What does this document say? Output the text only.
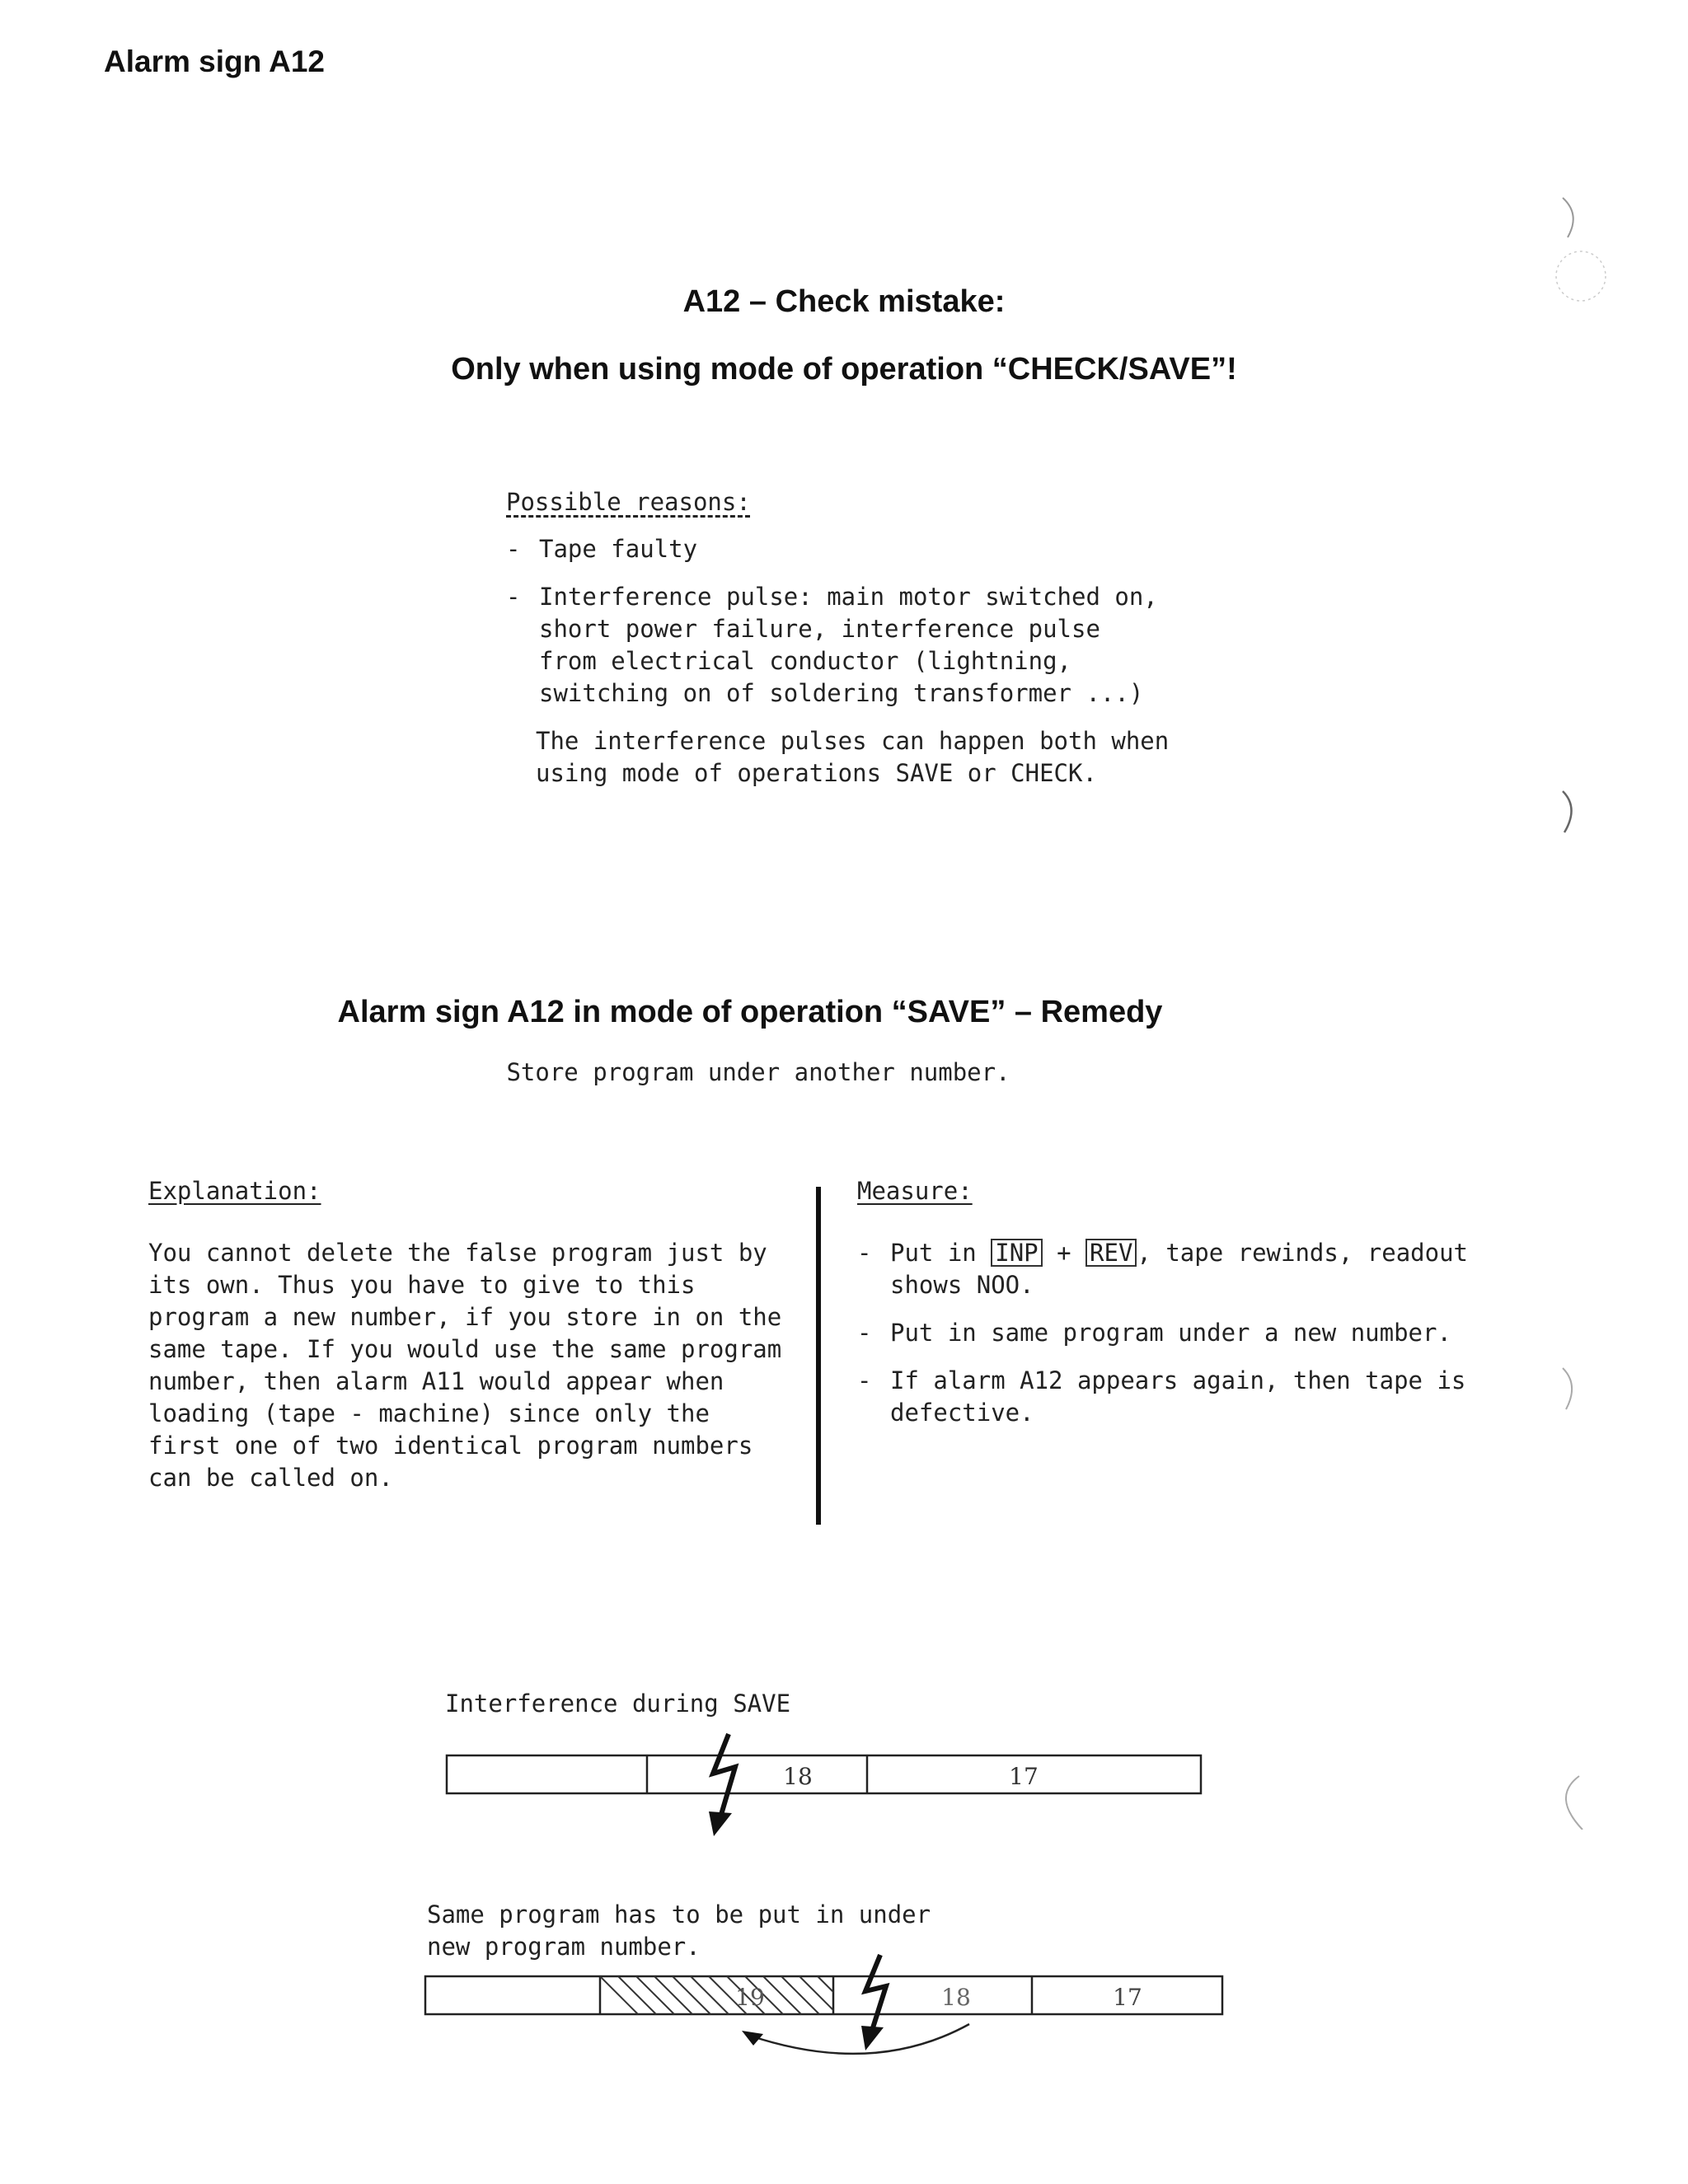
Alarm sign A12
A12 – Check mistake:
Only when using mode of operation “CHECK/SAVE”!
Possible reasons:
- Tape faulty
- Interference pulse: main motor switched on, short power failure, interference pulse from electrical conductor (lightning, switching on of soldering transformer ...)
The interference pulses can happen both when using mode of operations SAVE or CHECK.
Alarm sign A12 in mode of operation “SAVE” – Remedy
Store program under another number.
Explanation:
You cannot delete the false program just by its own. Thus you have to give to this program a new number, if you store in on the same tape. If you would use the same program number, then alarm A11 would appear when loading (tape - machine) since only the first one of two identical program numbers can be called on.
Measure:
- Put in INP + REV , tape rewinds, readout shows NOO.
- Put in same program under a new number.
- If alarm A12 appears again, then tape is defective.
Interference during SAVE
18	17
Same program has to be put in under
new program number.
19	18	17
